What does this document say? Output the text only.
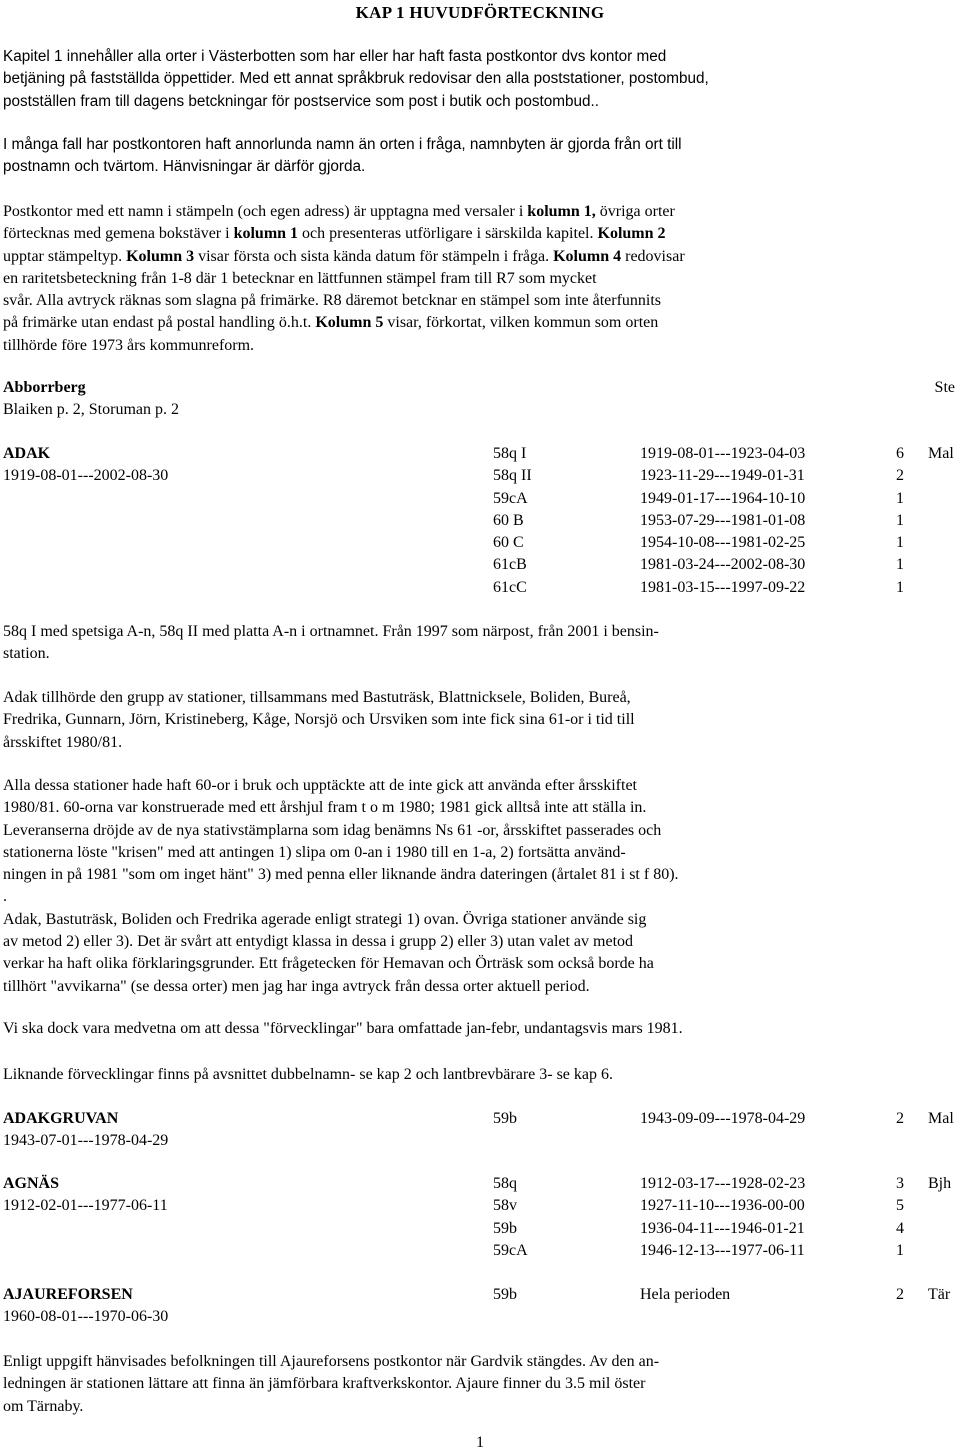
KAP 1 HUVUDFÖRTECKNING
Kapitel 1 innehåller alla orter i Västerbotten som har eller har haft fasta postkontor dvs kontor med
betjäning på fastställda öppettider. Med ett annat språkbruk redovisar den alla poststationer, postombud,
postställen fram till dagens betckningar för postservice som post i butik och postombud..
I många fall har postkontoren haft annorlunda namn än orten i fråga, namnbyten är gjorda från ort till
postnamn och tvärtom. Hänvisningar är därför gjorda.
Postkontor med ett namn i stämpeln (och egen adress) är upptagna med versaler i kolumn 1, övriga orter
förtecknas med gemena bokstäver i kolumn 1 och presenteras utförligare i särskilda kapitel. Kolumn 2
upptar stämpeltyp. Kolumn 3 visar första och sista kända datum för stämpeln i fråga. Kolumn 4 redovisar
en raritetsbeteckning från 1-8 där 1 betecknar en lättfunnen stämpel fram till R7 som mycket
svår. Alla avtryck räknas som slagna på frimärke. R8 däremot betcknar en stämpel som inte återfunnits
på frimärke utan endast på postal handling ö.h.t. Kolumn 5 visar, förkortat, vilken kommun som orten
tillhörde före 1973 års kommunreform.
Abborrberg	Ste
Blaiken p. 2, Storuman p. 2
ADAK	58q I	1919-08-01---1923-04-03	6 Mal
1919-08-01---2002-08-30	58q II	1923-11-29---1949-01-31	2
59cA	1949-01-17---1964-10-10	1
60 B	1953-07-29---1981-01-08	1
60 C	1954-10-08---1981-02-25	1
61cB	1981-03-24---2002-08-30	1
61cC	1981-03-15---1997-09-22	1
58q I med spetsiga A-n, 58q II med platta A-n i ortnamnet. Från 1997 som närpost, från 2001 i bensin-
station.
Adak tillhörde den grupp av stationer, tillsammans med Bastuträsk, Blattnicksele, Boliden, Bureå,
Fredrika, Gunnarn, Jörn, Kristineberg, Kåge, Norsjö och Ursviken som inte fick sina 61-or i tid till
årsskiftet 1980/81.
Alla dessa stationer hade haft 60-or i bruk och upptäckte att de inte gick att använda efter årsskiftet
1980/81. 60-orna var konstruerade med ett årshjul fram t o m 1980; 1981 gick alltså inte att ställa in.
Leveranserna dröjde av de nya stativstämplarna som idag benämns Ns 61 -or, årsskiftet passerades och
stationerna löste "krisen" med att antingen 1) slipa om 0-an i 1980 till en 1-a, 2) fortsätta använd-
ningen in på 1981 "som om inget hänt" 3) med penna eller liknande ändra dateringen (årtalet 81 i st f 80).
.
Adak, Bastuträsk, Boliden och Fredrika agerade enligt strategi 1) ovan. Övriga stationer använde sig
av metod 2) eller 3). Det är svårt att entydigt klassa in dessa i grupp 2) eller 3) utan valet av metod
verkar ha haft olika förklaringsgrunder. Ett frågetecken för Hemavan och Örträsk som också borde ha
tillhört "avvikarna" (se dessa orter) men jag har inga avtryck från dessa orter aktuell period.
Vi ska dock vara medvetna om att dessa "förvecklingar" bara omfattade jan-febr, undantagsvis mars 1981.
Liknande förvecklingar finns på avsnittet dubbelnamn- se kap 2 och lantbrevbärare 3- se kap 6.
ADAKGRUVAN	59b	1943-09-09---1978-04-29	2 Mal
1943-07-01---1978-04-29
AGNÄS	58q	1912-03-17---1928-02-23	3 Bjh
1912-02-01---1977-06-11	58v	1927-11-10---1936-00-00	5
59b	1936-04-11---1946-01-21	4
59cA	1946-12-13---1977-06-11	1
AJAUREFORSEN	59b	Hela perioden	2 Tär
1960-08-01---1970-06-30
Enligt uppgift hänvisades befolkningen till Ajaureforsens postkontor när Gardvik stängdes. Av den an-
ledningen är stationen lättare att finna än jämförbara kraftverkskontor. Ajaure finner du 3.5 mil öster
om Tärnaby.
1
